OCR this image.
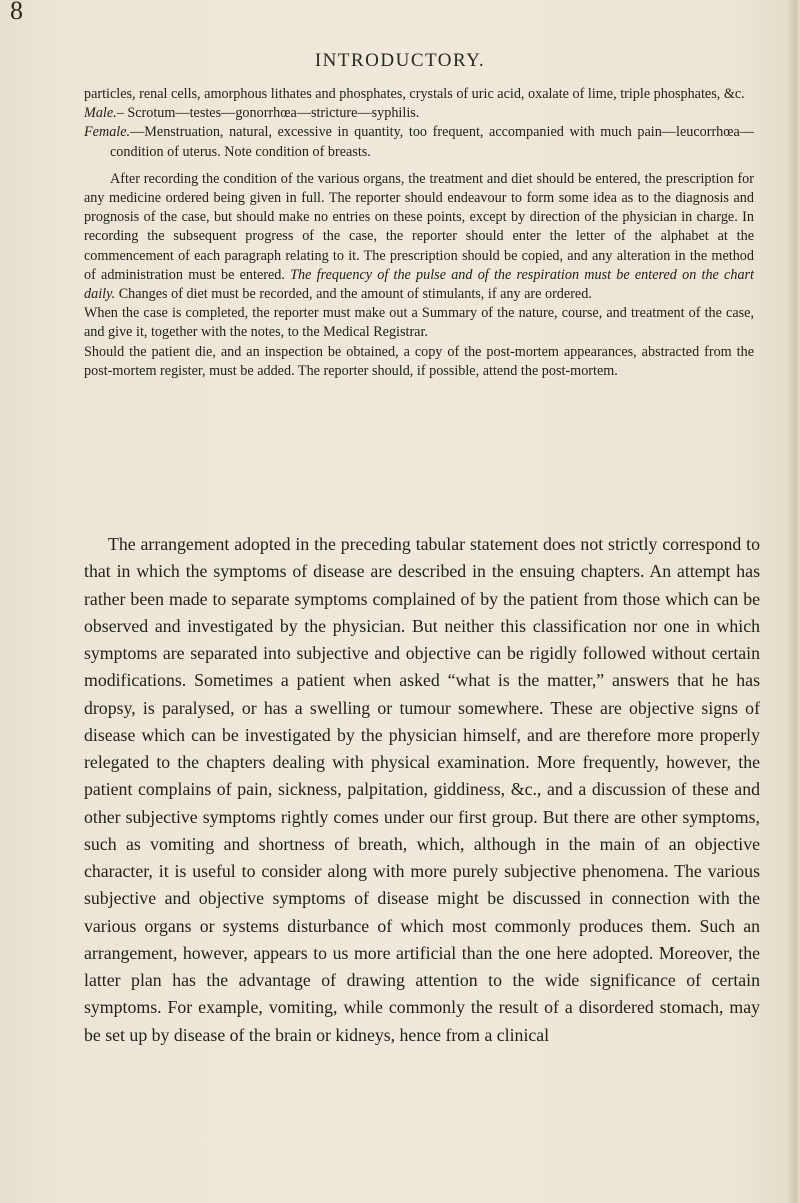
8
INTRODUCTORY.

particles, renal cells, amorphous lithates and phosphates, crystals of uric acid, oxalate of lime, triple phosphates, &c.

Male.– Scrotum—testes—gonorrhœa—stricture—syphilis.

Female.—Menstruation, natural, excessive in quantity, too frequent, accompanied with much pain—leucorrhœa—condition of uterus. Note condition of breasts.

After recording the condition of the various organs, the treatment and diet should be entered, the prescription for any medicine ordered being given in full. The reporter should endeavour to form some idea as to the diagnosis and prognosis of the case, but should make no entries on these points, except by direction of the physician in charge. In recording the subsequent progress of the case, the reporter should enter the letter of the alphabet at the commencement of each paragraph relating to it. The prescription should be copied, and any alteration in the method of administration must be entered. The frequency of the pulse and of the respiration must be entered on the chart daily. Changes of diet must be recorded, and the amount of stimulants, if any are ordered.

When the case is completed, the reporter must make out a Summary of the nature, course, and treatment of the case, and give it, together with the notes, to the Medical Registrar.

Should the patient die, and an inspection be obtained, a copy of the post-mortem appearances, abstracted from the post-mortem register, must be added. The reporter should, if possible, attend the post-mortem.

The arrangement adopted in the preceding tabular statement does not strictly correspond to that in which the symptoms of disease are described in the ensuing chapters. An attempt has rather been made to separate symptoms complained of by the patient from those which can be observed and investigated by the physician. But neither this classification nor one in which symptoms are separated into subjective and objective can be rigidly followed without certain modifications. Sometimes a patient when asked “what is the matter,” answers that he has dropsy, is paralysed, or has a swelling or tumour somewhere. These are objective signs of disease which can be investigated by the physician himself, and are therefore more properly relegated to the chapters dealing with physical examination. More frequently, however, the patient complains of pain, sickness, palpitation, giddiness, &c., and a discussion of these and other subjective symptoms rightly comes under our first group. But there are other symptoms, such as vomiting and shortness of breath, which, although in the main of an objective character, it is useful to consider along with more purely subjective phenomena. The various subjective and objective symptoms of disease might be discussed in connection with the various organs or systems disturbance of which most commonly produces them. Such an arrangement, however, appears to us more artificial than the one here adopted. Moreover, the latter plan has the advantage of drawing attention to the wide significance of certain symptoms. For example, vomiting, while commonly the result of a disordered stomach, may be set up by disease of the brain or kidneys, hence from a clinical
